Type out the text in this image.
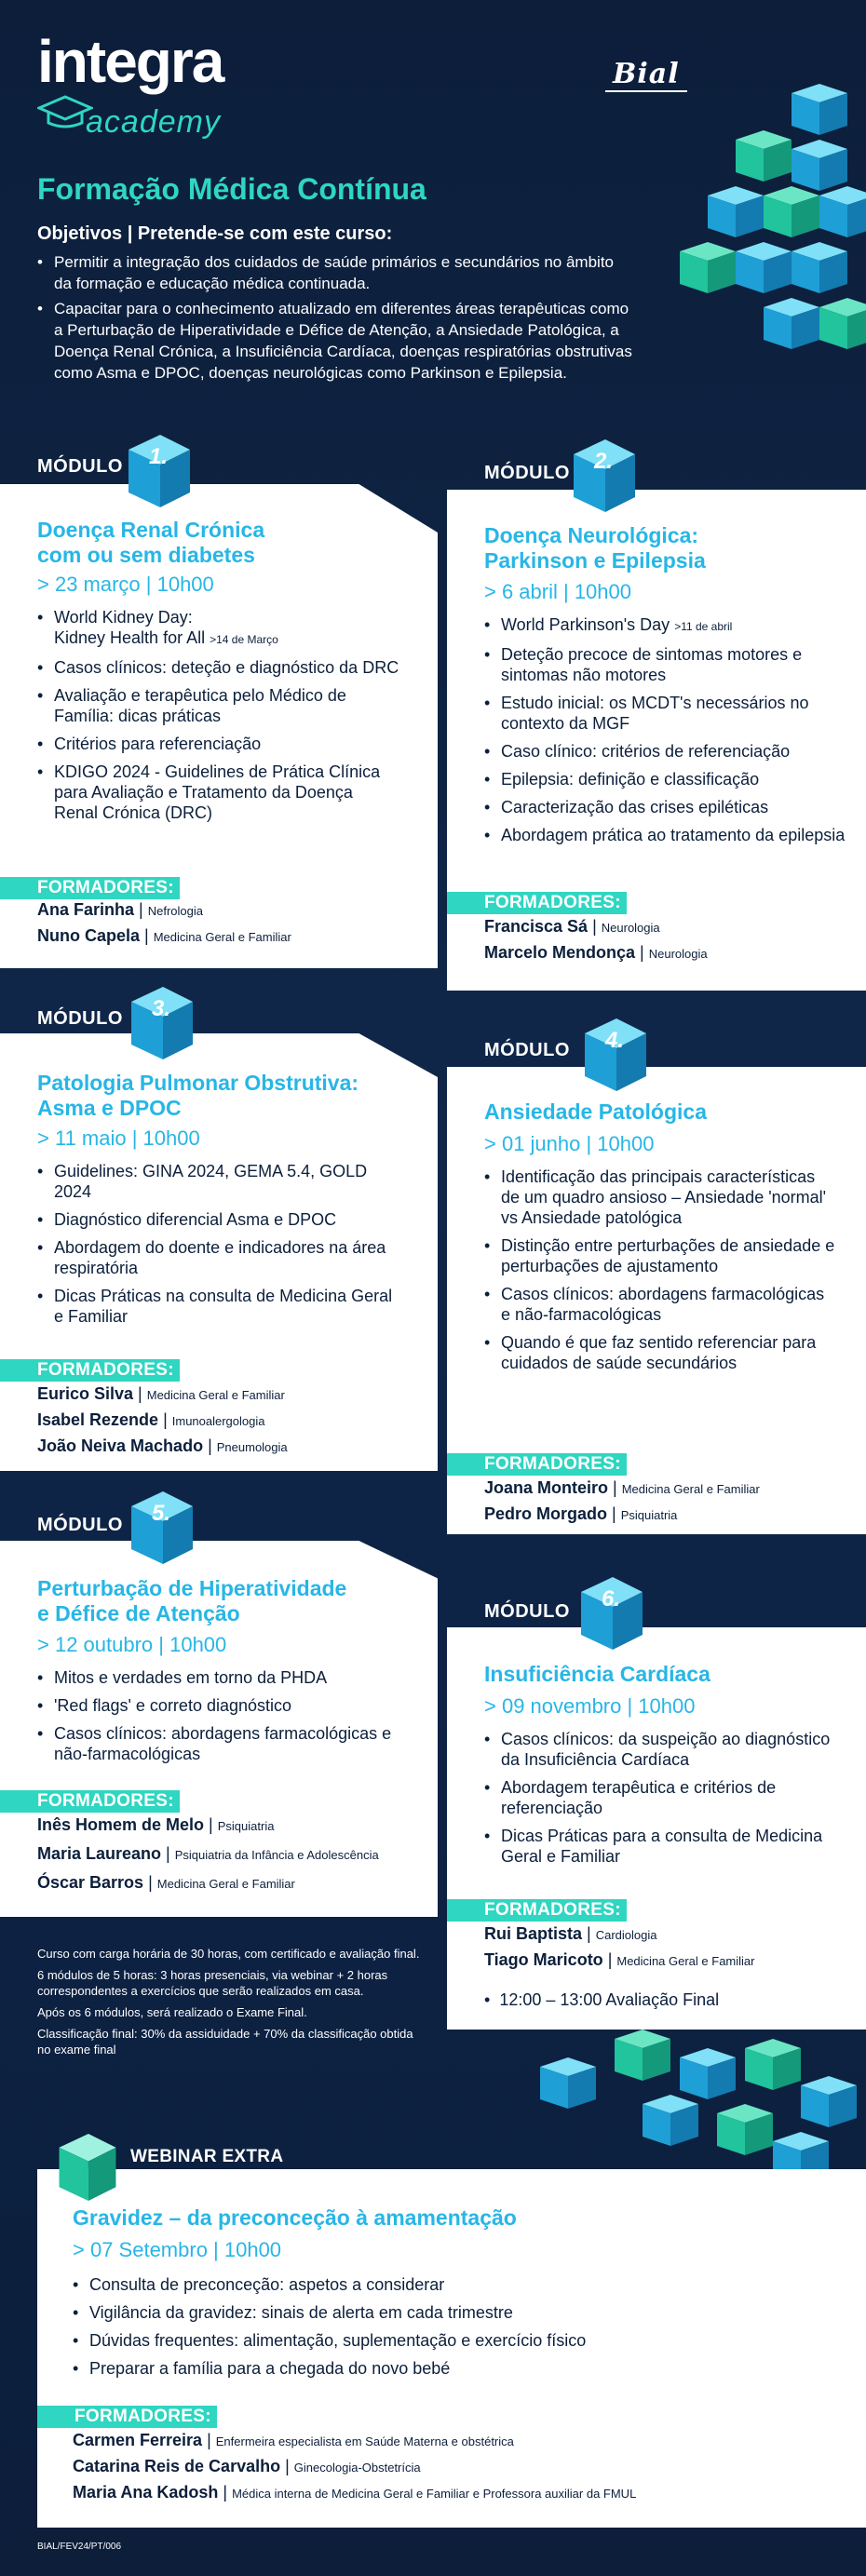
integra
academy
Bial
Formação Médica Contínua
Objetivos | Pretende-se com este curso:
• Permitir a integração dos cuidados de saúde primários e secundários no âmbito da formação e educação médica continuada.
• Capacitar para o conhecimento atualizado em diferentes áreas terapêuticas como a Perturbação de Hiperatividade e Défice de Atenção, a Ansiedade Patológica, a Doença Renal Crónica, a Insuficiência Cardíaca, doenças respiratórias obstrutivas como Asma e DPOC, doenças neurológicas como Parkinson e Epilepsia.
MÓDULO 1.
Doença Renal Crónica
com ou sem diabetes
> 23 março | 10h00
• World Kidney Day:
Kidney Health for All >14 de Março
• Casos clínicos: deteção e diagnóstico da DRC
• Avaliação e terapêutica pelo Médico de Família: dicas práticas
• Critérios para referenciação
• KDIGO 2024 - Guidelines de Prática Clínica para Avaliação e Tratamento da Doença Renal Crónica (DRC)
FORMADORES:
Ana Farinha | Nefrologia
Nuno Capela | Medicina Geral e Familiar
MÓDULO 2.
Doença Neurológica:
Parkinson e Epilepsia
> 6 abril | 10h00
• World Parkinson's Day >11 de abril
• Deteção precoce de sintomas motores e sintomas não motores
• Estudo inicial: os MCDT's necessários no contexto da MGF
• Caso clínico: critérios de referenciação
• Epilepsia: definição e classificação
• Caracterização das crises epiléticas
• Abordagem prática ao tratamento da epilepsia
FORMADORES:
Francisca Sá | Neurologia
Marcelo Mendonça | Neurologia
MÓDULO 3.
Patologia Pulmonar Obstrutiva:
Asma e DPOC
> 11 maio | 10h00
• Guidelines: GINA 2024, GEMA 5.4, GOLD 2024
• Diagnóstico diferencial Asma e DPOC
• Abordagem do doente e indicadores na área respiratória
• Dicas Práticas na consulta de Medicina Geral e Familiar
FORMADORES:
Eurico Silva | Medicina Geral e Familiar
Isabel Rezende | Imunoalergologia
João Neiva Machado | Pneumologia
MÓDULO 4.
Ansiedade Patológica
> 01 junho | 10h00
• Identificação das principais características de um quadro ansioso – Ansiedade 'normal' vs Ansiedade patológica
• Distinção entre perturbações de ansiedade e perturbações de ajustamento
• Casos clínicos: abordagens farmacológicas e não-farmacológicas
• Quando é que faz sentido referenciar para cuidados de saúde secundários
FORMADORES:
Joana Monteiro | Medicina Geral e Familiar
Pedro Morgado | Psiquiatria
MÓDULO 5.
Perturbação de Hiperatividade
e Défice de Atenção
> 12 outubro | 10h00
• Mitos e verdades em torno da PHDA
• 'Red flags' e correto diagnóstico
• Casos clínicos: abordagens farmacológicas e não-farmacológicas
FORMADORES:
Inês Homem de Melo | Psiquiatria
Maria Laureano | Psiquiatria da Infância e Adolescência
Óscar Barros | Medicina Geral e Familiar
MÓDULO 6.
Insuficiência Cardíaca
> 09 novembro | 10h00
• Casos clínicos: da suspeição ao diagnóstico da Insuficiência Cardíaca
• Abordagem terapêutica e critérios de referenciação
• Dicas Práticas para a consulta de Medicina Geral e Familiar
FORMADORES:
Rui Baptista | Cardiologia
Tiago Maricoto | Medicina Geral e Familiar
•  12:00 – 13:00 Avaliação Final

Curso com carga horária de 30 horas, com certificado e avaliação final.

6 módulos de 5 horas: 3 horas presenciais, via webinar + 2 horas correspondentes a exercícios que serão realizados em casa.

Após os 6 módulos, será realizado o Exame Final.

Classificação final: 30% da assiduidade + 70% da classificação obtida no exame final

WEBINAR EXTRA
Gravidez – da preconceção à amamentação
> 07 Setembro | 10h00
• Consulta de preconceção: aspetos a considerar
• Vigilância da gravidez: sinais de alerta em cada trimestre
• Dúvidas frequentes: alimentação, suplementação e exercício físico
• Preparar a família para a chegada do novo bebé
FORMADORES:
Carmen Ferreira | Enfermeira especialista em Saúde Materna e obstétrica
Catarina Reis de Carvalho | Ginecologia-Obstetrícia
Maria Ana Kadosh | Médica interna de Medicina Geral e Familiar e Professora auxiliar da FMUL
BIAL/FEV24/PT/006
